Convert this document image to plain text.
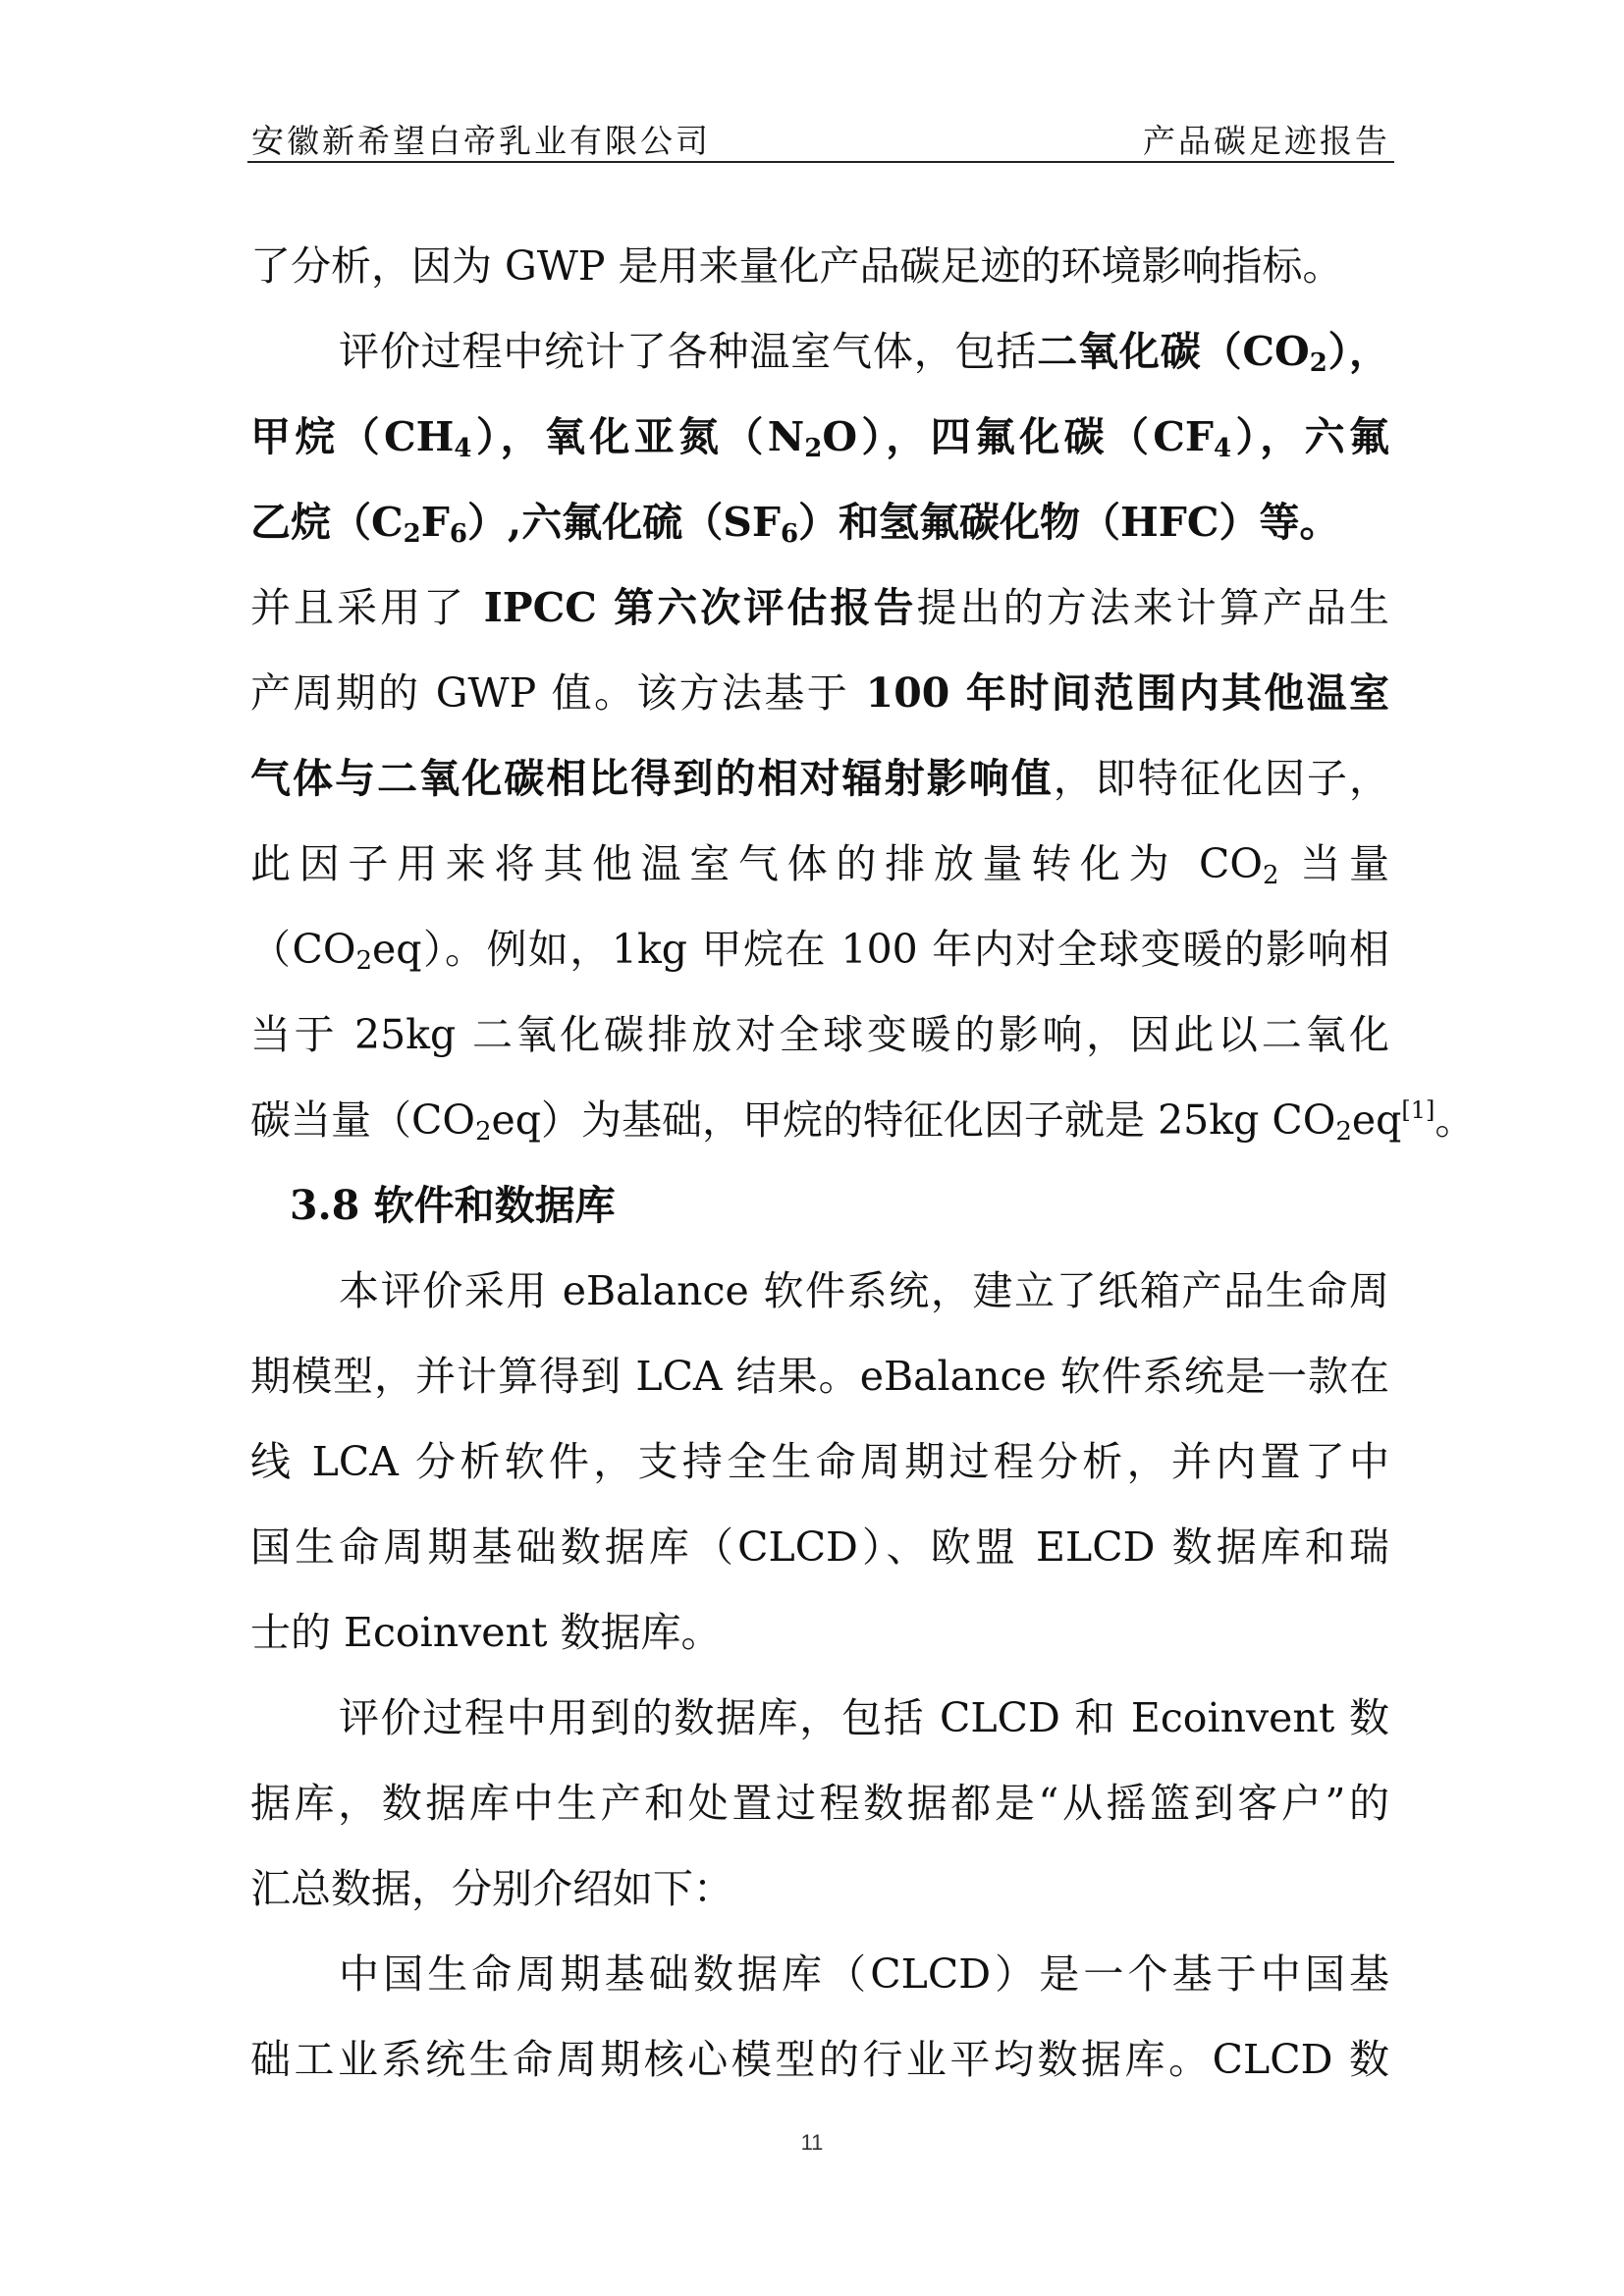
安徽新希望白帝乳业有限公司	产品碳足迹报告
了分析，因为 GWP 是用来量化产品碳足迹的环境影响指标。
评价过程中统计了各种温室气体，包括二氧化碳$(CO_2)$，
甲烷$(CH_4)$，氧化亚氮$(N_2O)$，四氟化碳$(CF_4)$，六氟
乙烷$(C_2F_6)$,六氟化硫$(SF_6)$和氢氟碳化物（HFC）等。
并且采用了 IPCC 第六次评估报告提出的方法来计算产品生
产周期的 GWP 值。该方法基于 100 年时间范围内其他温室
气体与二氧化碳相比得到的相对辐射影响值，即特征化因子，
此因子用来将其他温室气体的排放量转化为 $CO_2$ 当量
$(CO_2eq)$。例如，1kg 甲烷在 100 年内对全球变暖的影响相
当于 25kg 二氧化碳排放对全球变暖的影响，因此以二氧化
碳当量$(CO_2eq)$为基础，甲烷的特征化因子就是 25kg $CO_2eq[1]$。
3.8 软件和数据库
本评价采用 eBalance 软件系统，建立了纸箱产品生命周
期模型，并计算得到 LCA 结果。eBalance 软件系统是一款在
线 LCA 分析软件，支持全生命周期过程分析，并内置了中
国生命周期基础数据库（CLCD）、欧盟 ELCD 数据库和瑞
士的 Ecoinvent 数据库。
评价过程中用到的数据库，包括 CLCD 和 Ecoinvent 数
据库，数据库中生产和处置过程数据都是“从摇篮到客户”的
汇总数据，分别介绍如下：
中国生命周期基础数据库（CLCD）是一个基于中国基
础工业系统生命周期核心模型的行业平均数据库。CLCD 数
11
